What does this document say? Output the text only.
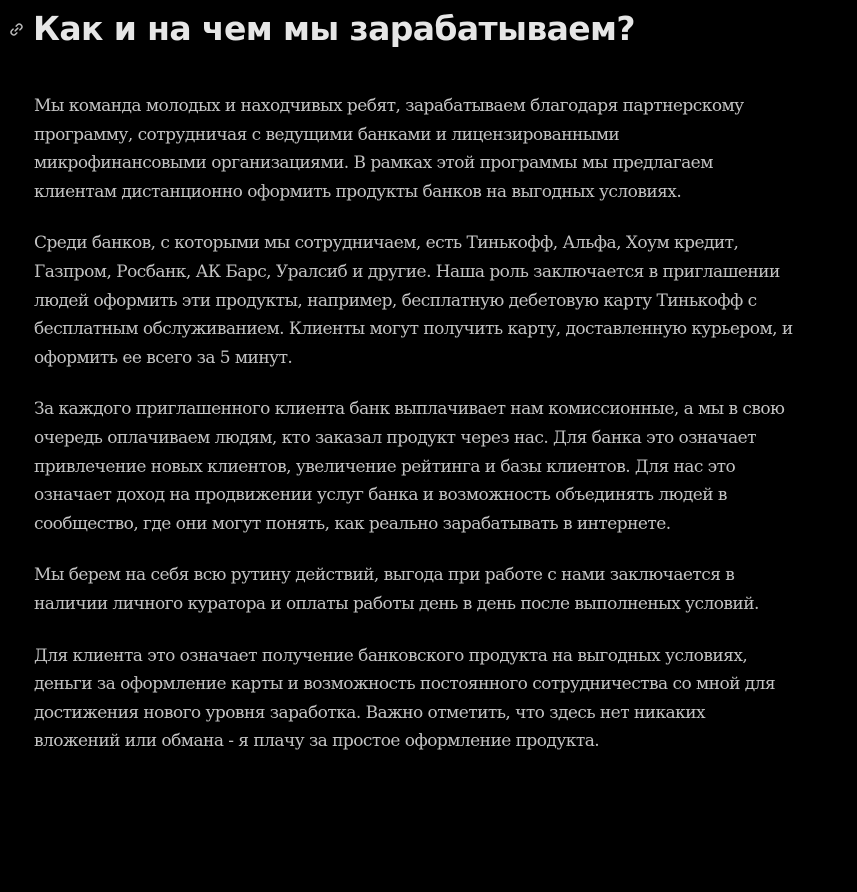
Как и на чем мы зарабатываем?

Мы команда молодых и находчивых ребят, зарабатываем благодаря партнерскому программу, сотрудничая с ведущими банками и лицензированными микрофинансовыми организациями. В рамках этой программы мы предлагаем клиентам дистанционно оформить продукты банков на выгодных условиях.

Среди банков, с которыми мы сотрудничаем, есть Тинькофф, Альфа, Хоум кредит, Газпром, Росбанк, АК Барс, Уралсиб и другие. Наша роль заключается в приглашении людей оформить эти продукты, например, бесплатную дебетовую карту Тинькофф с бесплатным обслуживанием. Клиенты могут получить карту, доставленную курьером, и оформить ее всего за 5 минут.

За каждого приглашенного клиента банк выплачивает нам комиссионные, а мы в свою очередь оплачиваем людям, кто заказал продукт через нас. Для банка это означает привлечение новых клиентов, увеличение рейтинга и базы клиентов. Для нас это означает доход на продвижении услуг банка и возможность объединять людей в сообщество, где они могут понять, как реально зарабатывать в интернете.

Мы берем на себя всю рутину действий, выгода при работе с нами заключается в наличии личного куратора и оплаты работы день в день после выполненых условий.

Для клиента это означает получение банковского продукта на выгодных условиях, деньги за оформление карты и возможность постоянного сотрудничества со мной для достижения нового уровня заработка. Важно отметить, что здесь нет никаких вложений или обмана - я плачу за простое оформление продукта.
